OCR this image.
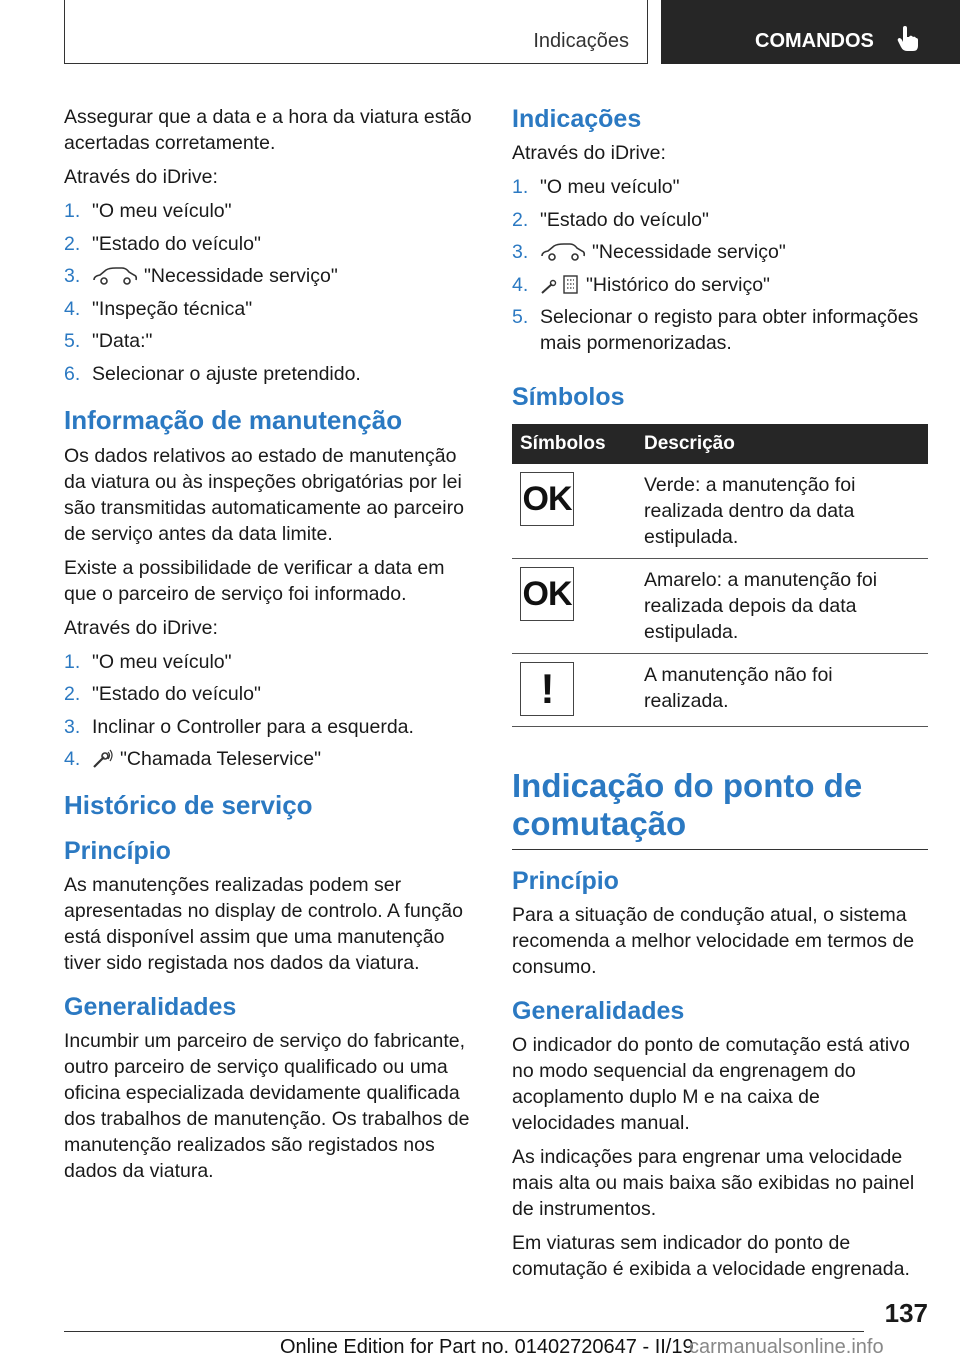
Indicações	COMANDOS

Assegurar que a data e a hora da viatura estão acertadas corretamente.

Através do iDrive:

1. "O meu veículo"
2. "Estado do veículo"
3.	"Necessidade serviço"
4. "Inspeção técnica"
5. "Data:"
6. Selecionar o ajuste pretendido.
Informação de manutenção

Os dados relativos ao estado de manutenção da viatura ou às inspeções obrigatórias por lei são transmitidas automaticamente ao parceiro de serviço antes da data limite.

Existe a possibilidade de verificar a data em que o parceiro de serviço foi informado.

Através do iDrive:

1. "O meu veículo"
2. "Estado do veículo"
3. Inclinar o Controller para a esquerda.
4. "Chamada Teleservice"
Histórico de serviço
Princípio

As manutenções realizadas podem ser apresentadas no display de controlo. A função está disponível assim que uma manutenção tiver sido registada nos dados da viatura.

Generalidades

Incumbir um parceiro de serviço do fabricante, outro parceiro de serviço qualificado ou uma oficina especializada devidamente qualificada dos trabalhos de manutenção. Os trabalhos de manutenção realizados são registados nos dados da viatura.

Indicações

Através do iDrive:

1. "O meu veículo"
2. "Estado do veículo"
3.	"Necessidade serviço"
4.	"Histórico do serviço"
5. Selecionar o registo para obter informações mais pormenorizadas.
Símbolos
Símbolos	Descrição

OK	Verde: a manutenção foi realizada dentro da data estipulada.

OK	Amarelo: a manutenção foi realizada depois da data estipulada.

!	A manutenção não foi realizada.
Indicação do ponto de comutação
Princípio

Para a situação de condução atual, o sistema recomenda a melhor velocidade em termos de consumo.

Generalidades

O indicador do ponto de comutação está ativo no modo sequencial da engrenagem do acoplamento duplo M e na caixa de velocidades manual.

As indicações para engrenar uma velocidade mais alta ou mais baixa são exibidas no painel de instrumentos.

Em viaturas sem indicador do ponto de comutação é exibida a velocidade engrenada.

137
Online Edition for Part no. 01402720647 - II/19
carmanualsonline.info
